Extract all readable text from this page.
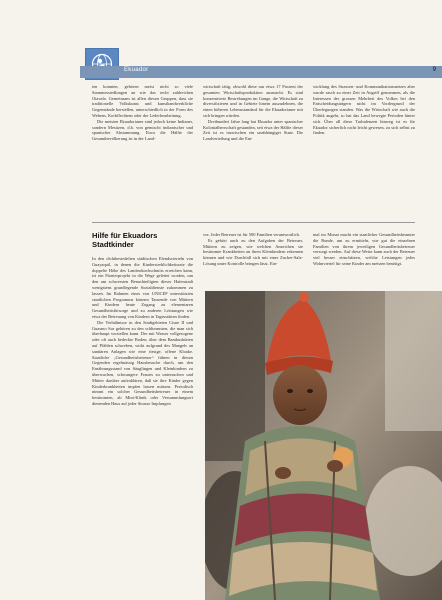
Ekuador	9

ten konnten, gehören meist nicht so viele Stammessiedlungen an wie das recht zahlreichen Otavalo. Gemeinsam ist allen diesen Gruppen, dass sie traditionelle Volkskunst und kunsthandwerkliche Gegenstände herstellen, unterschiedlich in der Form des Webens, Korbflechtens oder der Lederbearbeitung.

Die meisten Ekuadorianer sind jedoch keine Indianer, sondern Mestizen, d.h. von gemischt indianischer und spanischer Abstammung. Etwa die Hälfte der Gesamtbevölkerung ist in der Land-

wirtschaft tätig, obwohl diese nur etwa 17 Prozent der gesamten Wirtschaftsproduktion ausmacht. Es sind konzentrierte Bestrebungen im Gange, die Wirtschaft zu diversifizieren und in Gebiete hinein auszudehnen, die einen höheren Lebensstandard für die Ekuadorianer mit sich bringen würden.

Dreihundert Jahre lang hat Ekuador unter spanischer Kolonialherrschaft gestanden, seit etwa der Hälfte dieser Zeit ist es inzwischen ein unabhängiger Staat. Die Landverteilung und die Ent-

wicklung des Strassen- und Kommunikationsnetzes aber wurde rasch zu einer Zeit in Angriff genommen, als die Interessen der grossen Mehrheit des Volkes bei den Entscheidungsträgern nicht im Vordergrund der Überlegungen standen. Was die Wirtschaft wie auch die Politik angeht, so hat das Land bewegte Perioden hinter sich. Über all diese Turbulenzen hinweg ist es für Ekuador sicherlich nicht leicht gewesen, zu sich selbst zu finden.

Hilfe für Ekuadors Stadtkinder

In den dichtbesiedelten städtischen Elendsvierteln von Guayaquil, in denen die Kindersterblichkeitsrate die doppelte Höhe des Landesdurchschnitts erreichen kann, ist ein Pionierprojekt in die Wege geleitet worden, um den am schwersten Benachteiligten dieser Hafenstadt wenigstens grundlegende Sozialdienste zukommen zu lassen. Im Rahmen eines von UNICEF unterstützten staatlichen Programms können Tausende von Müttern und Kindern heute Zugang zu elementaren Gesundheitsfürsorge und zu anderen Leistungen wie etwa der Betreuung von Kindern in Tagesstätten finden.

Die Verhältnisse in den Stadtgebieten Cisne II und Guasmo Sur gehören zu den schlimmsten, die man sich überhaupt vorstellen kann. Der mit Wasser vollgesogene oder oft auch bedeckte Boden, über dem Bambushütten auf Pfählen schweben, wirkt aufgrund des Mangels an sanitären Anlagen wie eine riesige, offene Kloake. Staatliche „Gesundheitsbetreuer“ führen in diesen Gegenden regelmässig Hausbesuche durch, um den Ernährungsstand von Säuglingen und Kleinkindern zu überwachen, schwangere Frauen zu untersuchen und Mütter darüber aufzuklären, daß sie ihre Kinder gegen Kinderkrankheiten impfen lassen müssen. Periodisch nimmt ein solcher Gesundheitsbetreuer in einem bestimmten, ab Mini-Klinik oder Versammlungsort dienenden Haus auf jeder Strasse Impfungen

vor. Jeder Betreuer ist für 500 Familien verantwortlich.

Es gehört auch zu den Aufgaben der Betreuer, Müttern zu zeigen, wie welchen Anzeichen sie bestimmte Krankheiten an ihren Kleinkindern erkennen können und wie Durchfall sich mit einer Zucker-Salz-Lösung unter Kontrolle bringen lässt. Ein-

mal im Monat macht ein staatlicher Gesundheitsbeamter die Runde, um zu ermitteln, wie gut die einzelnen Familien von ihrem jeweiligen Gesundheitsbetreuer versorgt werden. Auf diese Weise kann auch der Betreuer viel besser einschätzen, welche Leistungen jedes Wohnviertel für seine Kinder am meisten benötigt.
